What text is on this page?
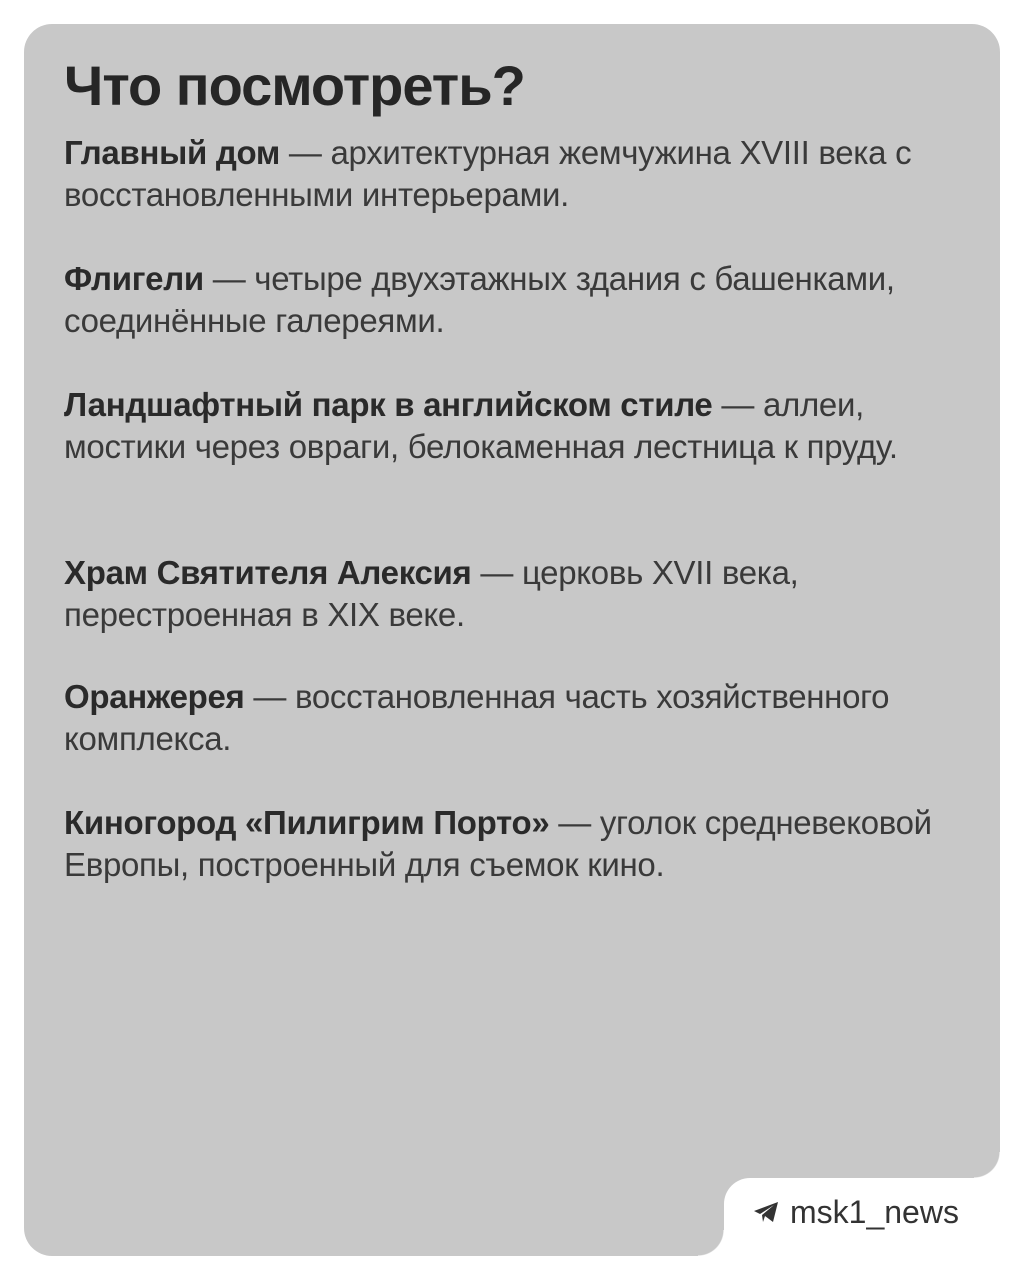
Что посмотреть?

Главный дом — архитектурная жемчужина XVIII века с восстановленными интерьерами.

Флигели — четыре двухэтажных здания с башенками, соединённые галереями.

Ландшафтный парк в английском стиле — аллеи, мостики через овраги, белокаменная лестница к пруду.

Храм Святителя Алексия — церковь XVII века, перестроенная в XIX веке.

Оранжерея — восстановленная часть хозяйственного комплекса.

Киногород «Пилигрим Порто» — уголок средневековой Европы, построенный для съемок кино.

msk1_news
